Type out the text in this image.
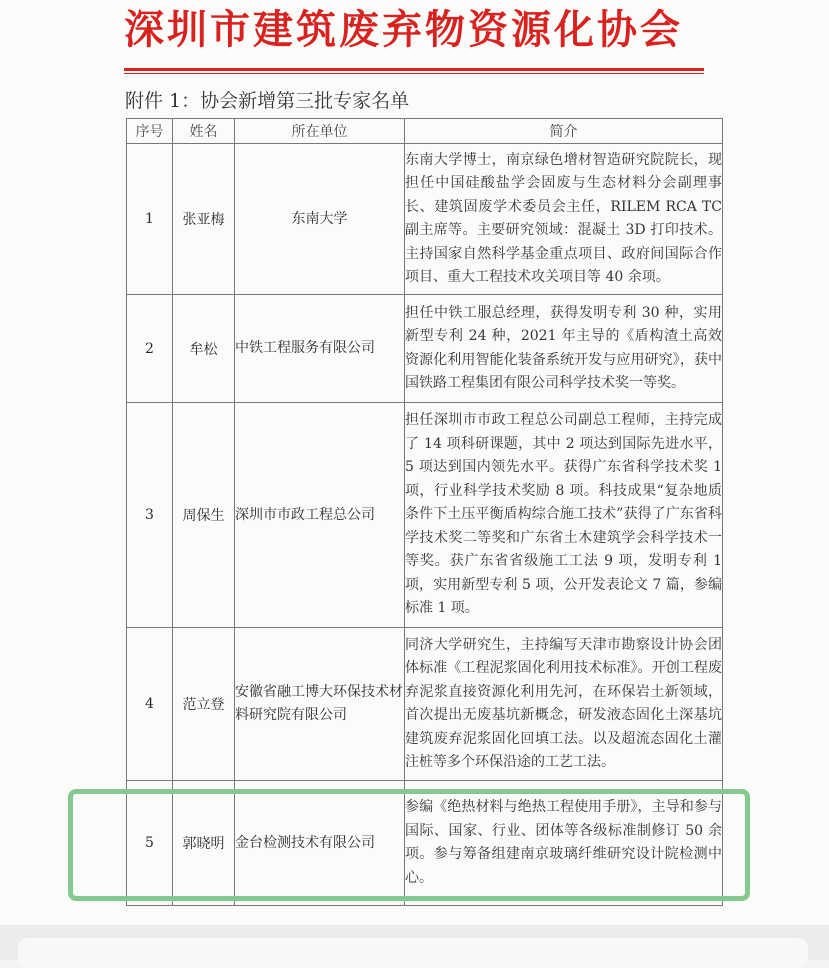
深圳市建筑废弃物资源化协会
附件 1：协会新增第三批专家名单
序号	姓名	所在单位	简介
1	张亚梅	东南大学	东南大学博士，南京绿色增材智造研究院院长，现担任中国硅酸盐学会固废与生态材料分会副理事长、建筑固废学术委员会主任，RILEM RCA TC 副主席等。主要研究领域：混凝土 3D 打印技术。主持国家自然科学基金重点项目、政府间国际合作项目、重大工程技术攻关项目等 40 余项。
2	牟松	中铁工程服务有限公司	担任中铁工服总经理，获得发明专利 30 种，实用新型专利 24 种，2021 年主导的《盾构渣土高效资源化利用智能化装备系统开发与应用研究》，获中国铁路工程集团有限公司科学技术奖一等奖。
3	周保生	深圳市市政工程总公司	担任深圳市市政工程总公司副总工程师，主持完成了 14 项科研课题，其中 2 项达到国际先进水平，5 项达到国内领先水平。获得广东省科学技术奖 1 项，行业科学技术奖励 8 项。科技成果“复杂地质条件下土压平衡盾构综合施工技术”获得了广东省科学技术奖二等奖和广东省土木建筑学会科学技术一等奖。获广东省省级施工工法 9 项，发明专利 1 项，实用新型专利 5 项，公开发表论文 7 篇，参编标准 1 项。
4	范立登	安徽省融工博大环保技术材料研究院有限公司	同济大学研究生，主持编写天津市勘察设计协会团体标准《工程泥浆固化利用技术标准》。开创工程废弃泥浆直接资源化利用先河，在环保岩土新领域，首次提出无废基坑新概念，研发液态固化土深基坑建筑废弃泥浆固化回填工法。以及超流态固化土灌注桩等多个环保沿途的工艺工法。
5	郭晓明	金台检测技术有限公司	参编《绝热材料与绝热工程使用手册》，主导和参与国际、国家、行业、团体等各级标准制修订 50 余项。参与筹备组建南京玻璃纤维研究设计院检测中心。
